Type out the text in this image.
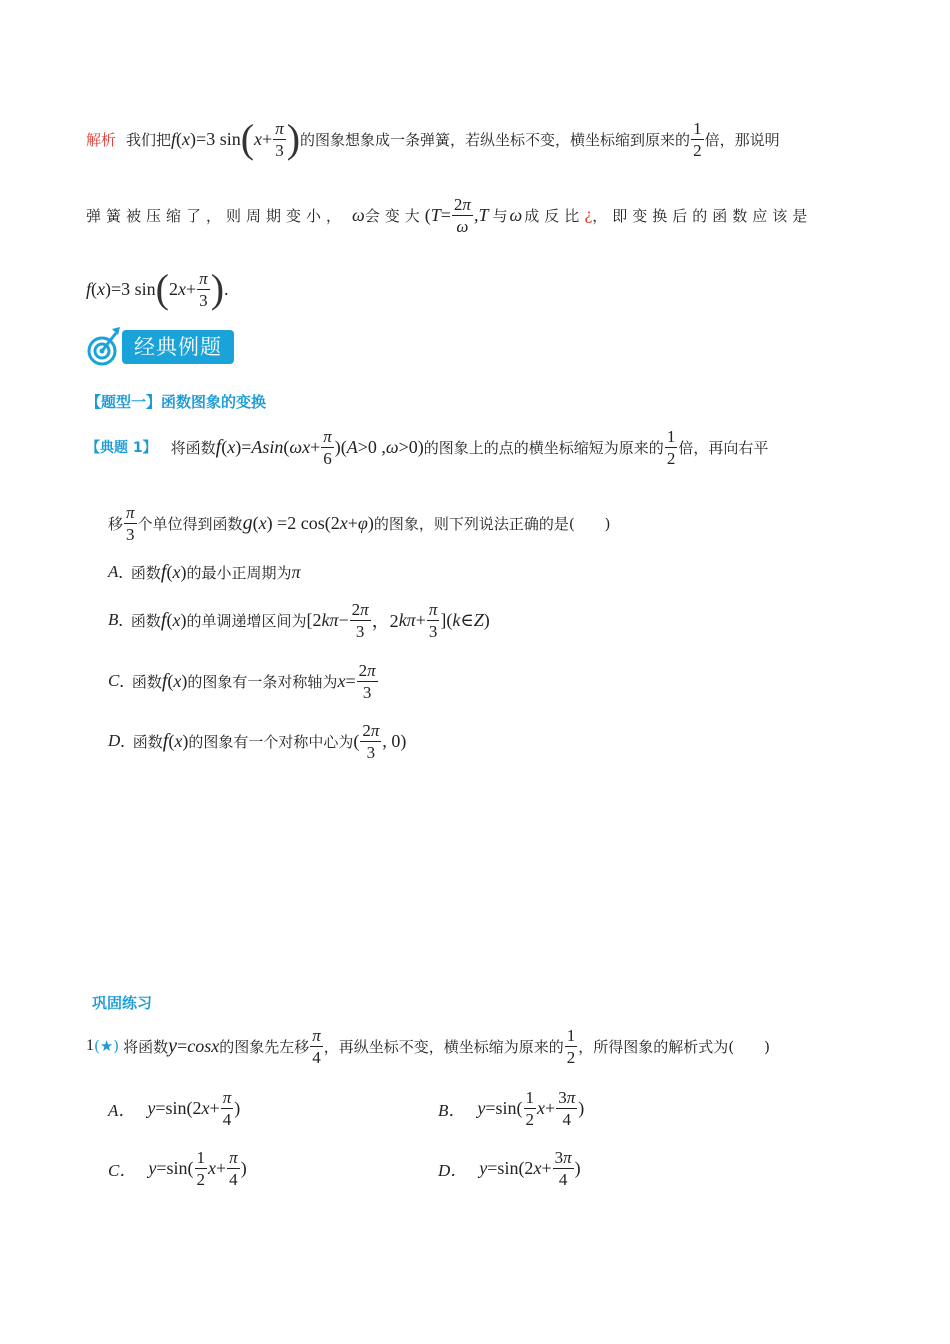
解析 我们把 f ( x )=3 sin ( $x + \frac{\pi}{3}$ ) 的图象想象成一条弹簧，若纵坐标不变，横坐标缩到原来的 $\frac{1}{2}$ 倍，那说明
弹簧被压缩了，则周期变小， ω 会变大 ( $T = \frac{2\pi}{\omega}$ , T 与 ω 成反比 ¿ ，即变换后的函数应该是
f ( x )=3 sin ( 2 $x + \frac{\pi}{3}$ ) .
经典例题
【题型一】函数图象的变换
【典题 1】 将函数 f ( x )= Asin ( $\omega x + \frac{\pi}{6}$ )( A >0 , ω >0) 的图象上的点的横坐标缩短为原来的 $\frac{1}{2}$ 倍，再向右平
移 $\frac{\pi}{3}$ 个单位得到函数 g ( x ) =2 cos(2 x + φ ) 的图象，则下列说法正确的是(　　)
A . 函数 f ( x ) 的最小正周期为 π
B . 函数 f ( x ) 的单调递增区间为 [2 $k\pi - \frac{2\pi}{3}$ ，2 $k\pi + \frac{\pi}{3}$ ]( k ∈ Z )
C . 函数 f ( x ) 的图象有一条对称轴为 $x = \frac{2\pi}{3}$
D . 函数 f ( x ) 的图象有一个对称中心为 ( $\frac{2\pi}{3}$ , 0)
巩固练习
1 (★) 将函数 y = cosx 的图象先左移 $\frac{\pi}{4}$ ，再纵坐标不变，横坐标缩为原来的 $\frac{1}{2}$ ，所得图象的解析式为(　　)
A． y =sin(2 $x + \frac{\pi}{4}$ )	B． $y =\sin( \frac{1}{2}$ $x + \frac{3\pi}{4}$ )
C． $y =\sin( \frac{1}{2}$ $x + \frac{\pi}{4}$ )	D． y =sin(2 $x + \frac{3\pi}{4}$ )
